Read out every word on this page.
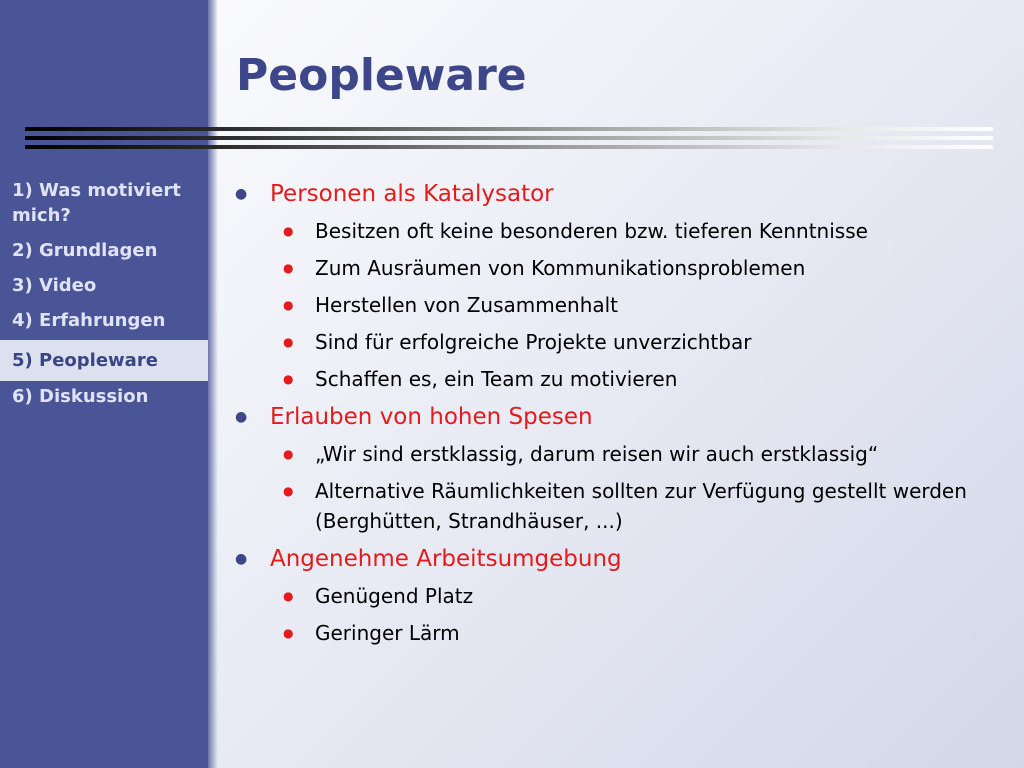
1) Was motiviert mich?
2) Grundlagen
3) Video
4) Erfahrungen
5) Peopleware
6) Diskussion
Peopleware
● Personen als Katalysator
● Besitzen oft keine besonderen bzw. tieferen Kenntnisse
● Zum Ausräumen von Kommunikationsproblemen
● Herstellen von Zusammenhalt
● Sind für erfolgreiche Projekte unverzichtbar
● Schaffen es, ein Team zu motivieren
● Erlauben von hohen Spesen
● „Wir sind erstklassig, darum reisen wir auch erstklassig“
● Alternative Räumlichkeiten sollten zur Verfügung gestellt werden (Berghütten, Strandhäuser, ...)
● Angenehme Arbeitsumgebung
● Genügend Platz
● Geringer Lärm
